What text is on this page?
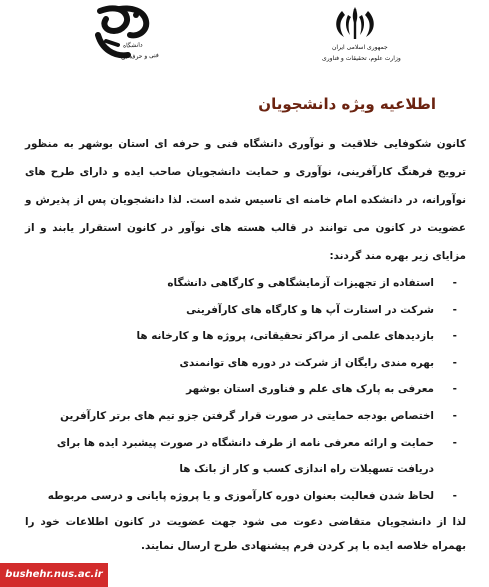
دانشگاه
فنی و حرفه ای
جمهوری اسلامی ایران
وزارت علوم، تحقیقات و فناوری
اطلاعیه ویژه دانشجویان

کانون شکوفایی خلاقیت و نوآوری دانشگاه فنی و حرفه ای استان بوشهر به منظور ترویج فرهنگ کارآفرینی، نوآوری و حمایت دانشجویان صاحب ایده و دارای طرح های نوآورانه، در دانشکده امام خامنه ای تاسیس شده است. لذا دانشجویان پس از پذیرش و عضویت در کانون می توانند در قالب هسته های نوآور در کانون استقرار یابند و از مزایای زیر بهره مند گردند:

-
استفاده از تجهیزات آزمایشگاهی و کارگاهی دانشگاه
-
شرکت در استارت آپ ها و کارگاه های کارآفرینی
-
بازدیدهای علمی از مراکز تحقیقاتی، پروژه ها و کارخانه ها
-
بهره مندی رایگان از شرکت در دوره های توانمندی
-
معرفی به پارک های علم و فناوری استان بوشهر
-
اختصاص بودجه حمایتی در صورت قرار گرفتن جزو تیم های برتر کارآفرین
-
حمایت و ارائه معرفی نامه از طرف دانشگاه در صورت پیشبرد ایده ها برای دریافت تسهیلات راه اندازی کسب و کار از بانک ها
-
لحاظ شدن فعالیت بعنوان دوره کارآموزی و یا پروژه پایانی و درسی مربوطه

لذا از دانشجویان متقاضی دعوت می شود جهت عضویت در کانون اطلاعات خود را بهمراه خلاصه ایده با پر کردن فرم پیشنهادی طرح ارسال نمایند.

bushehr.nus.ac.ir
